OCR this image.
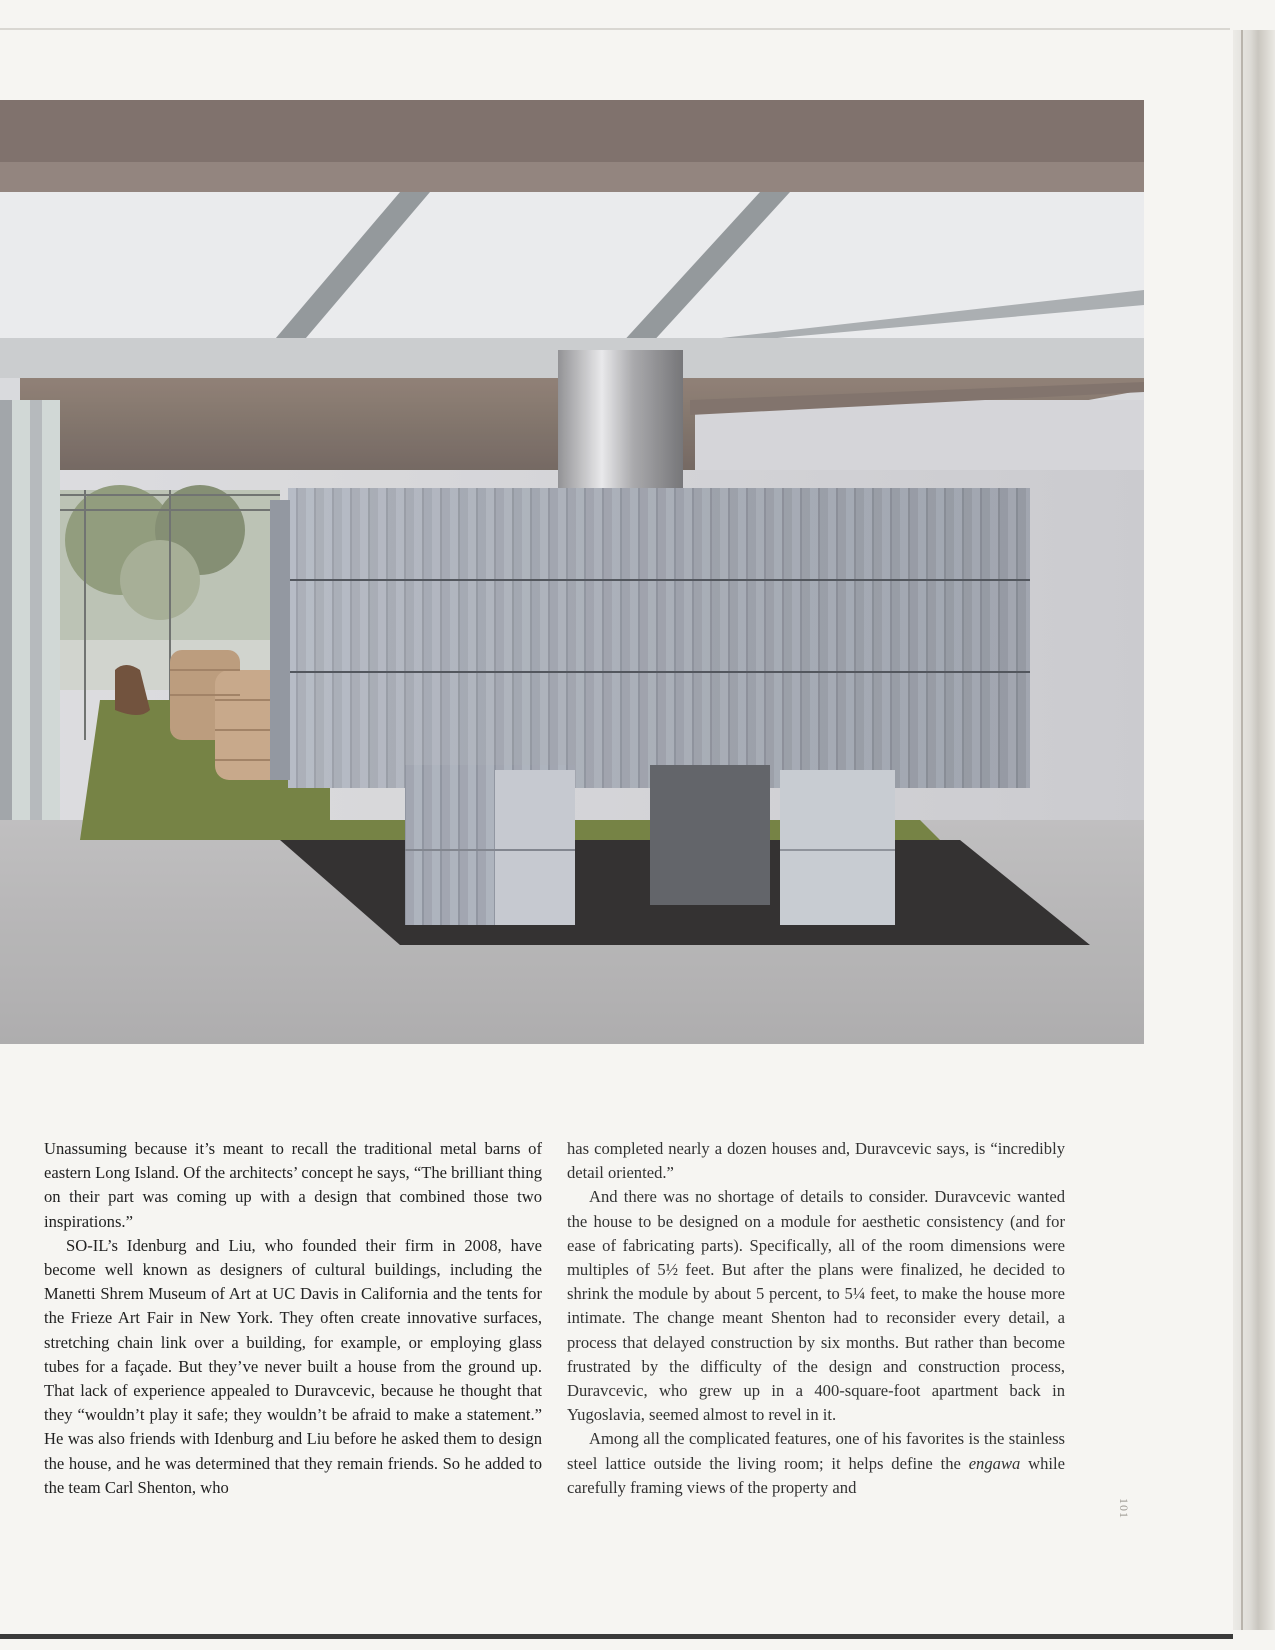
Unassuming because it’s meant to recall the traditional metal barns of eastern Long Island. Of the architects’ concept he says, “The brilliant thing on their part was coming up with a design that combined those two inspirations.”

SO-IL’s Idenburg and Liu, who founded their firm in 2008, have become well known as designers of cultural buildings, including the Manetti Shrem Museum of Art at UC Davis in California and the tents for the Frieze Art Fair in New York. They often create innovative surfaces, stretching chain link over a building, for example, or employing glass tubes for a façade. But they’ve never built a house from the ground up. That lack of experience appealed to Duravcevic, because he thought that they “wouldn’t play it safe; they wouldn’t be afraid to make a statement.” He was also friends with Idenburg and Liu before he asked them to design the house, and he was determined that they remain friends. So he added to the team Carl Shenton, who

has completed nearly a dozen houses and, Duravcevic says, is “incredibly detail oriented.”

And there was no shortage of details to consider. Duravcevic wanted the house to be designed on a module for aesthetic consistency (and for ease of fabricating parts). Specifically, all of the room dimensions were multiples of 5½ feet. But after the plans were finalized, he decided to shrink the module by about 5 percent, to 5¼ feet, to make the house more intimate. The change meant Shenton had to reconsider every detail, a process that delayed construction by six months. But rather than become frustrated by the difficulty of the design and construction process, Duravcevic, who grew up in a 400-square-foot apartment back in Yugoslavia, seemed almost to revel in it.

Among all the complicated features, one of his favorites is the stainless steel lattice outside the living room; it helps define the engawa while carefully framing views of the property and

101
